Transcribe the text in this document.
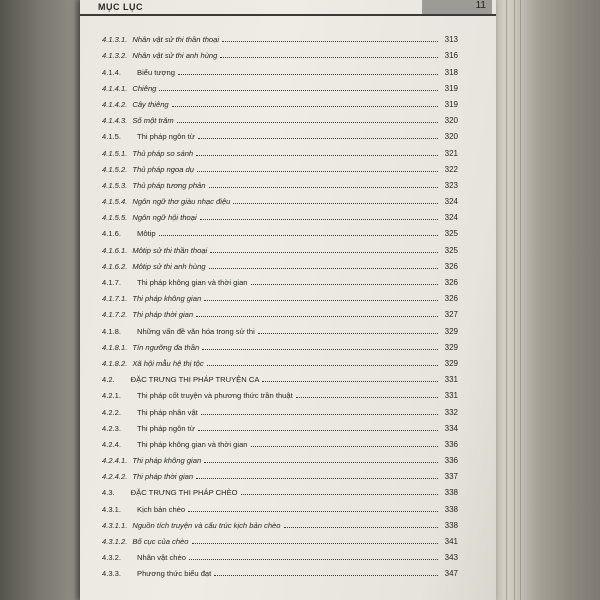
MỤC LỤC	11
4.1.3.1. Nhân vật sử thi thần thoại	313
4.1.3.2. Nhân vật sử thi anh hùng	316
4.1.4. Biểu tượng	318
4.1.4.1. Chiêng	319
4.1.4.2. Cây thiêng	319
4.1.4.3. Số một trăm	320
4.1.5. Thi pháp ngôn từ	320
4.1.5.1. Thủ pháp so sánh	321
4.1.5.2. Thủ pháp ngoa dụ	322
4.1.5.3. Thủ pháp tương phản	323
4.1.5.4. Ngôn ngữ thơ giàu nhạc điệu	324
4.1.5.5. Ngôn ngữ hội thoại	324
4.1.6. Môtip	325
4.1.6.1. Môtip sử thi thần thoại	325
4.1.6.2. Môtip sử thi anh hùng	326
4.1.7. Thi pháp không gian và thời gian	326
4.1.7.1. Thi pháp không gian	326
4.1.7.2. Thi pháp thời gian	327
4.1.8. Những vấn đề văn hóa trong sử thi	329
4.1.8.1. Tín ngưỡng đa thần	329
4.1.8.2. Xã hội mẫu hệ thị tộc	329
4.2. ĐẶC TRƯNG THI PHÁP TRUYỆN CA	331
4.2.1. Thi pháp cốt truyện và phương thức trần thuật	331
4.2.2. Thi pháp nhân vật	332
4.2.3. Thi pháp ngôn từ	334
4.2.4. Thi pháp không gian và thời gian	336
4.2.4.1. Thi pháp không gian	336
4.2.4.2. Thi pháp thời gian	337
4.3. ĐẶC TRƯNG THI PHÁP CHÈO	338
4.3.1. Kịch bản chèo	338
4.3.1.1. Nguồn tích truyện và cấu trúc kịch bản chèo	338
4.3.1.2. Bố cục của chèo	341
4.3.2. Nhân vật chèo	343
4.3.3. Phương thức biểu đạt	347
